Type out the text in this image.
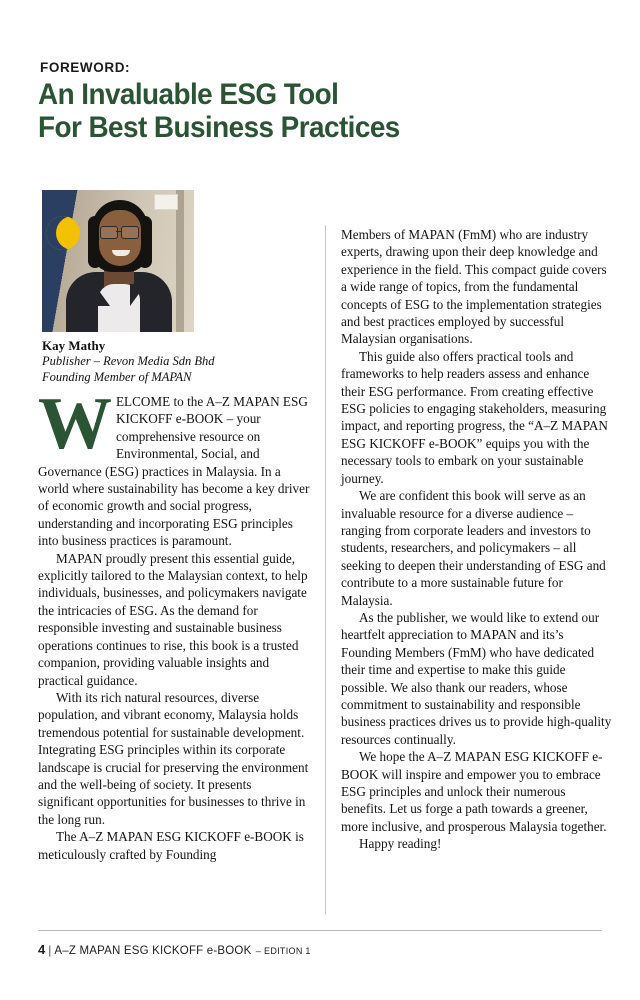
FOREWORD:
An Invaluable ESG Tool
For Best Business Practices
Kay Mathy
Publisher – Revon Media Sdn Bhd
Founding Member of MAPAN

WELCOME to the A–Z MAPAN ESG KICKOFF e-BOOK – your comprehensive resource on Environmental, Social, and Governance (ESG) practices in Malaysia. In a world where sustainability has become a key driver of economic growth and social progress, understanding and incorporating ESG principles into business practices is paramount.

MAPAN proudly present this essential guide, explicitly tailored to the Malaysian context, to help individuals, businesses, and policymakers navigate the intricacies of ESG. As the demand for responsible investing and sustainable business operations continues to rise, this book is a trusted companion, providing valuable insights and practical guidance.

With its rich natural resources, diverse population, and vibrant economy, Malaysia holds tremendous potential for sustainable development. Integrating ESG principles within its corporate landscape is crucial for preserving the environment and the well-being of society. It presents significant opportunities for businesses to thrive in the long run.

The A–Z MAPAN ESG KICKOFF e-BOOK is meticulously crafted by Founding

Members of MAPAN (FmM) who are industry experts, drawing upon their deep knowledge and experience in the field. This compact guide covers a wide range of topics, from the fundamental concepts of ESG to the implementation strategies and best practices employed by successful Malaysian organisations.

This guide also offers practical tools and frameworks to help readers assess and enhance their ESG performance. From creating effective ESG policies to engaging stakeholders, measuring impact, and reporting progress, the “A–Z MAPAN ESG KICKOFF e-BOOK” equips you with the necessary tools to embark on your sustainable journey.

We are confident this book will serve as an invaluable resource for a diverse audience – ranging from corporate leaders and investors to students, researchers, and policymakers – all seeking to deepen their understanding of ESG and contribute to a more sustainable future for Malaysia.

As the publisher, we would like to extend our heartfelt appreciation to MAPAN and its’s Founding Members (FmM) who have dedicated their time and expertise to make this guide possible. We also thank our readers, whose commitment to sustainability and responsible business practices drives us to provide high-quality resources continually.

We hope the A–Z MAPAN ESG KICKOFF e-BOOK will inspire and empower you to embrace ESG principles and unlock their numerous benefits. Let us forge a path towards a greener, more inclusive, and prosperous Malaysia together.

Happy reading!

4 | A–Z MAPAN ESG KICKOFF e-BOOK – EDITION 1
